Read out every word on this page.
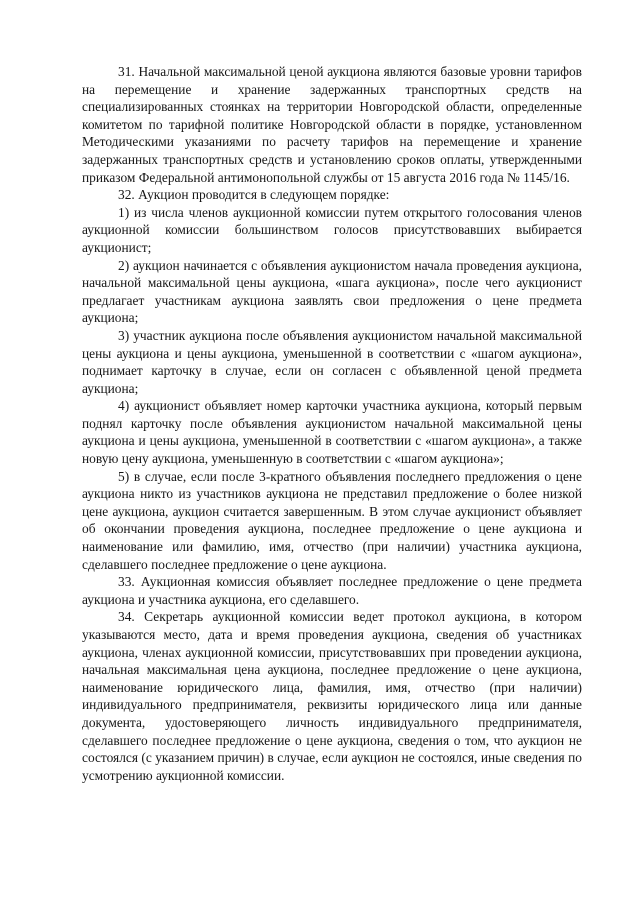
31. Начальной максимальной ценой аукциона являются базовые уровни тарифов на перемещение и хранение задержанных транспортных средств на специализированных стоянках на территории Новгородской области, определенные комитетом по тарифной политике Новгородской области в порядке, установленном Методическими указаниями по расчету тарифов на перемещение и хранение задержанных транспортных средств и установлению сроков оплаты, утвержденными приказом Федеральной антимонопольной службы от 15 августа 2016 года № 1145/16.

32. Аукцион проводится в следующем порядке:

1) из числа членов аукционной комиссии путем открытого голосования членов аукционной комиссии большинством голосов присутствовавших выбирается аукционист;

2) аукцион начинается с объявления аукционистом начала проведения аукциона, начальной максимальной цены аукциона, «шага аукциона», после чего аукционист предлагает участникам аукциона заявлять свои предложения о цене предмета аукциона;

3) участник аукциона после объявления аукционистом начальной максимальной цены аукциона и цены аукциона, уменьшенной в соответствии с «шагом аукциона», поднимает карточку в случае, если он согласен с объявленной ценой предмета аукциона;

4) аукционист объявляет номер карточки участника аукциона, который первым поднял карточку после объявления аукционистом начальной максимальной цены аукциона и цены аукциона, уменьшенной в соответствии с «шагом аукциона», а также новую цену аукциона, уменьшенную в соответствии с «шагом аукциона»;

5) в случае, если после 3-кратного объявления последнего предложения о цене аукциона никто из участников аукциона не представил предложение о более низкой цене аукциона, аукцион считается завершенным. В этом случае аукционист объявляет об окончании проведения аукциона, последнее предложение о цене аукциона и наименование или фамилию, имя, отчество (при наличии) участника аукциона, сделавшего последнее предложение о цене аукциона.

33. Аукционная комиссия объявляет последнее предложение о цене предмета аукциона и участника аукциона, его сделавшего.

34. Секретарь аукционной комиссии ведет протокол аукциона, в котором указываются место, дата и время проведения аукциона, сведения об участниках аукциона, членах аукционной комиссии, присутствовавших при проведении аукциона, начальная максимальная цена аукциона, последнее предложение о цене аукциона, наименование юридического лица, фамилия, имя, отчество (при наличии) индивидуального предпринимателя, реквизиты юридического лица или данные документа, удостоверяющего личность индивидуального предпринимателя, сделавшего последнее предложение о цене аукциона, сведения о том, что аукцион не состоялся (с указанием причин) в случае, если аукцион не состоялся, иные сведения по усмотрению аукционной комиссии.
